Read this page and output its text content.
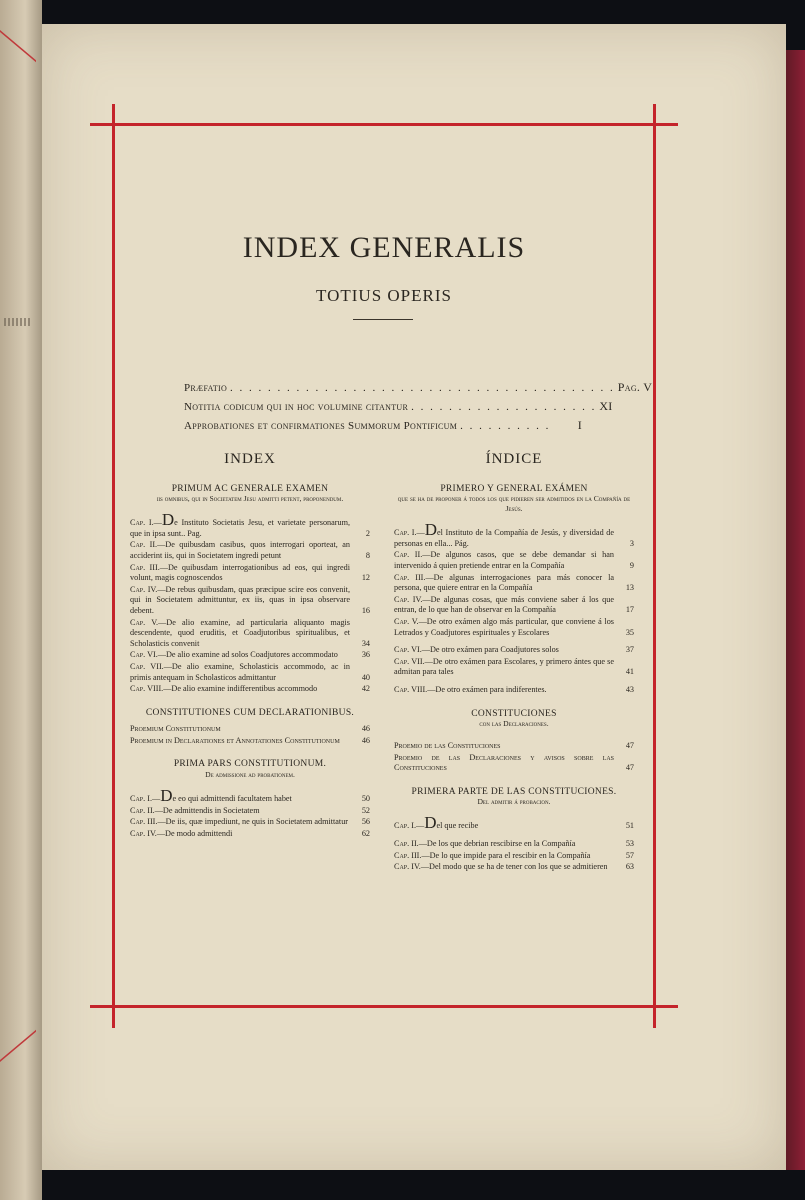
INDEX GENERALIS
TOTIUS OPERIS
Præfatio . . . . . . . . . . . . . . . . . . . . . . . . . . . . . . . . . . . . . . . . . Pag. V
Notitia codicum qui in hoc volumine citantur . . . . . . . . . . . . . . . . . . . . XI
Approbationes et confirmationes Summorum Pontificum . . . . . . . . . .	I
INDEX
PRIMUM AC GENERALE EXAMEN
iis omnibus, qui in Societatem Jesu admitti petent, proponendum.
Cap. I.—De Instituto Societatis Jesu, et varietate personarum, que in ipsa sunt.. Pag.	2
Cap. II.—De quibusdam casibus, quos interrogari oporteat, an acciderint iis, qui in Societatem ingredi petunt	8
Cap. III.—De quibusdam interrogationibus ad eos, qui ingredi volunt, magis cognoscendos	12
Cap. IV.—De rebus quibusdam, quas præcipue scire eos convenit, qui in Societatem admittuntur, ex iis, quas in ipsa observare debent.	16
Cap. V.—De alio examine, ad particularia aliquanto magis descendente, quod eruditis, et Coadjutoribus spiritualibus, et Scholasticis convenit	34
Cap. VI.—De alio examine ad solos Coadjutores accommodato	36
Cap. VII.—De alio examine, Scholasticis accommodo, ac in primis antequam in Scholasticos admittantur	40
Cap. VIII.—De alio examine indifferentibus accommodo	42
CONSTITUTIONES CUM DECLARATIONIBUS.
Proemium Constitutionum	46
Proemium in Declarationes et Annotationes Constitutionum	46
PRIMA PARS CONSTITUTIONUM.
De admissione ad probationem.
Cap. I.—De eo qui admittendi facultatem habet	50
Cap. II.—De admittendis in Societatem	52
Cap. III.—De iis, quæ impediunt, ne quis in Societatem admittatur	56
Cap. IV.—De modo admittendi	62
ÍNDICE
PRIMERO Y GENERAL EXÁMEN
que se ha de proponer á todos los que pidieren ser admitidos en la Compañía de Jesús.
Cap. I.—Del Instituto de la Compañía de Jesús, y diversidad de personas en ella... Pág.	3
Cap. II.—De algunos casos, que se debe demandar si han intervenido á quien pretiende entrar en la Compañía	9
Cap. III.—De algunas interrogaciones para más conocer la persona, que quiere entrar en la Compañía	13
Cap. IV.—De algunas cosas, que más conviene saber á los que entran, de lo que han de observar en la Compañía	17
Cap. V.—De otro exámen algo más particular, que conviene á los Letrados y Coadjutores espirituales y Escolares	35
Cap. VI.—De otro exámen para Coadjutores solos	37
Cap. VII.—De otro exámen para Escolares, y primero ántes que se admitan para tales	41
Cap. VIII.—De otro exámen para indiferentes.	43
CONSTITUCIONES
con las Declaraciones.
Proemio de las Constituciones	47
Proemio de las Declaraciones y avisos sobre las Constituciones	47
PRIMERA PARTE DE LAS CONSTITUCIONES.
Del admitir á probacion.
Cap. I.—Del que recibe	51
Cap. II.—De los que debrian rescibirse en la Compañía	53
Cap. III.—De lo que impide para el rescibir en la Compañía	57
Cap. IV.—Del modo que se ha de tener con los que se admitieren	63
